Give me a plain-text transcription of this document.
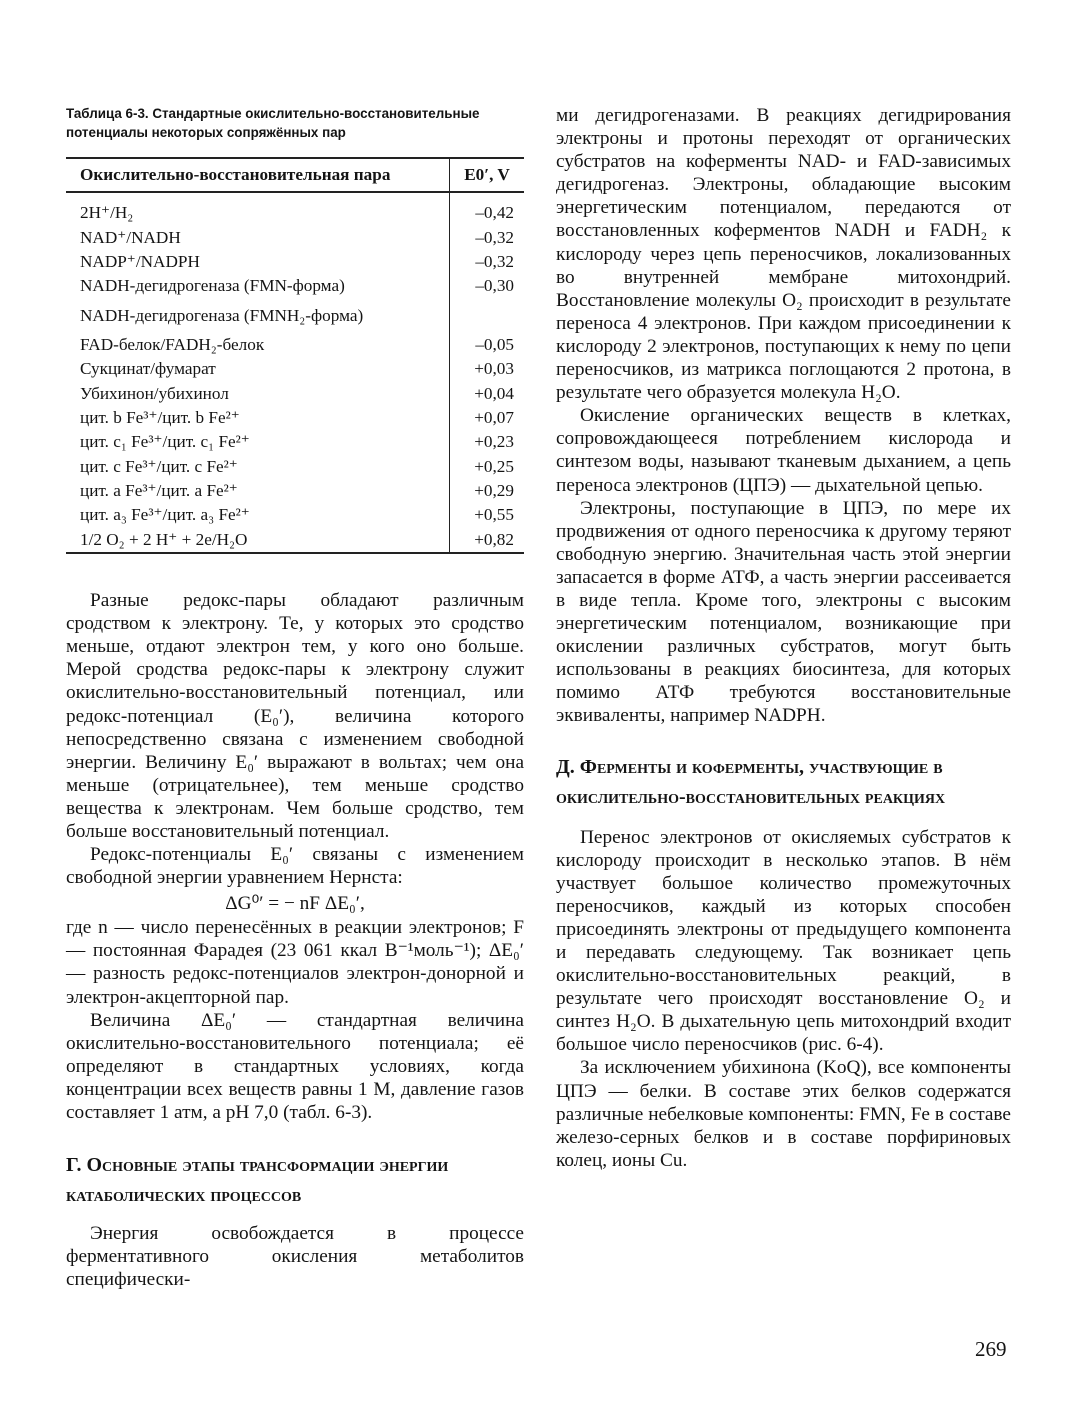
Таблица 6-3. Стандартные окислительно-восстановительные потенциалы некоторых сопряжённых пар

Окислительно-восстановительная пара	E0′, V
2H⁺/H₂	–0,42
NAD⁺/NADH	–0,32
NADP⁺/NADPH	–0,32
NADH-дегидрогеназа (FMN-форма)	–0,30
NADH-дегидрогеназа (FMNH₂-форма)	
FAD-белок/FADH₂-белок	–0,05
Сукцинат/фумарат	+0,03
Убихинон/убихинол	+0,04
цит. b Fe³⁺/цит. b Fe²⁺	+0,07
цит. c₁ Fe³⁺/цит. c₁ Fe²⁺	+0,23
цит. c Fe³⁺/цит. c Fe²⁺	+0,25
цит. a Fe³⁺/цит. a Fe²⁺	+0,29
цит. a₃ Fe³⁺/цит. a₃ Fe²⁺	+0,55
1/2 O₂ + 2 H⁺ + 2e/H₂O	+0,82

Разные редокс-пары обладают различным сродством к электрону. Те, у которых это сродство меньше, отдают электрон тем, у кого оно больше. Мерой сродства редокс-пары к электрону служит окислительно-восстановительный потенциал, или редокс-потенциал (E₀′), величина которого непосредственно связана с изменением свободной энергии. Величину E₀′ выражают в вольтах; чем она меньше (отрицательнее), тем меньше сродство вещества к электронам. Чем больше сродство, тем больше восстановительный потенциал.

Редокс-потенциалы E₀′ связаны с изменением свободной энергии уравнением Нернста:

ΔG⁰′ = − nF ΔE₀′,

где n — число перенесённых в реакции электронов; F — постоянная Фарадея (23 061 ккал В⁻¹моль⁻¹); ΔE₀′ — разность редокс-потенциалов электрон-донорной и электрон-акцепторной пар.

Величина ΔE₀′ — стандартная величина окислительно-восстановительного потенциала; её определяют в стандартных условиях, когда концентрации всех веществ равны 1 М, давление газов составляет 1 атм, а pH 7,0 (табл. 6-3).

Г. Основные этапы трансформации энергии катаболических процессов

Энергия освобождается в процессе ферментативного окисления метаболитов специфически-

ми дегидрогеназами. В реакциях дегидрирования электроны и протоны переходят от органических субстратов на коферменты NAD- и FAD-зависимых дегидрогеназ. Электроны, обладающие высоким энергетическим потенциалом, передаются от восстановленных коферментов NADH и FADH₂ к кислороду через цепь переносчиков, локализованных во внутренней мембране митохондрий. Восстановление молекулы O₂ происходит в результате переноса 4 электронов. При каждом присоединении к кислороду 2 электронов, поступающих к нему по цепи переносчиков, из матрикса поглощаются 2 протона, в результате чего образуется молекула H₂O.

Окисление органических веществ в клетках, сопровождающееся потреблением кислорода и синтезом воды, называют тканевым дыханием, а цепь переноса электронов (ЦПЭ) — дыхательной цепью.

Электроны, поступающие в ЦПЭ, по мере их продвижения от одного переносчика к другому теряют свободную энергию. Значительная часть этой энергии запасается в форме АТФ, а часть энергии рассеивается в виде тепла. Кроме того, электроны с высоким энергетическим потенциалом, возникающие при окислении различных субстратов, могут быть использованы в реакциях биосинтеза, для которых помимо АТФ требуются восстановительные эквиваленты, например NADPH.

Д. Ферменты и коферменты, участвующие в окислительно-восстановительных реакциях

Перенос электронов от окисляемых субстратов к кислороду происходит в несколько этапов. В нём участвует большое количество промежуточных переносчиков, каждый из которых способен присоединять электроны от предыдущего компонента и передавать следующему. Так возникает цепь окислительно-восстановительных реакций, в результате чего происходят восстановление O₂ и синтез H₂O. В дыхательную цепь митохондрий входит большое число переносчиков (рис. 6-4).

За исключением убихинона (KoQ), все компоненты ЦПЭ — белки. В составе этих белков содержатся различные небелковые компоненты: FMN, Fe в составе железо-серных белков и в составе порфириновых колец, ионы Cu.

269
